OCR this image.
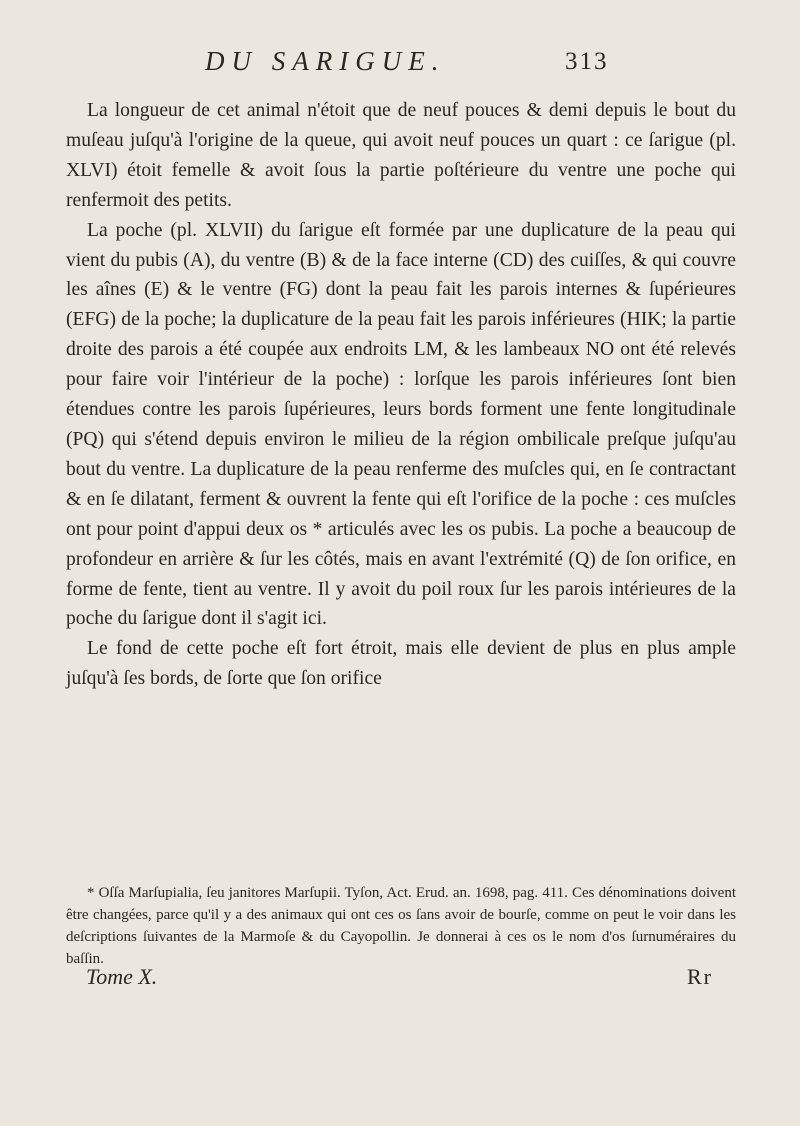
DU SARIGUE.	313

La longueur de cet animal n'étoit que de neuf pouces & demi depuis le bout du muſeau juſqu'à l'origine de la queue, qui avoit neuf pouces un quart : ce ſarigue (pl. XLVI) étoit femelle & avoit ſous la partie poſtérieure du ventre une poche qui renfermoit des petits.

La poche (pl. XLVII) du ſarigue eſt formée par une duplicature de la peau qui vient du pubis (A), du ventre (B) & de la face interne (CD) des cuiſſes, & qui couvre les aînes (E) & le ventre (FG) dont la peau fait les parois internes & ſupérieures (EFG) de la poche; la duplicature de la peau fait les parois inférieures (HIK; la partie droite des parois a été coupée aux endroits LM, & les lambeaux NO ont été relevés pour faire voir l'intérieur de la poche) : lorſque les parois inférieures ſont bien étendues contre les parois ſupérieures, leurs bords forment une fente longitudinale (PQ) qui s'étend depuis environ le milieu de la région ombilicale preſque juſqu'au bout du ventre. La duplicature de la peau renferme des muſcles qui, en ſe contractant & en ſe dilatant, ferment & ouvrent la fente qui eſt l'orifice de la poche : ces muſcles ont pour point d'appui deux os * articulés avec les os pubis. La poche a beaucoup de profondeur en arrière & ſur les côtés, mais en avant l'extrémité (Q) de ſon orifice, en forme de fente, tient au ventre. Il y avoit du poil roux ſur les parois intérieures de la poche du ſarigue dont il s'agit ici.

Le fond de cette poche eſt fort étroit, mais elle devient de plus en plus ample juſqu'à ſes bords, de ſorte que ſon orifice

* Oſſa Marſupialia, ſeu janitores Marſupii. Tyſon, Act. Erud. an. 1698, pag. 411. Ces dénominations doivent être changées, parce qu'il y a des animaux qui ont ces os ſans avoir de bourſe, comme on peut le voir dans les deſcriptions ſuivantes de la Marmoſe & du Cayopollin. Je donnerai à ces os le nom d'os ſurnuméraires du baſſin.

Tome X.	Rr
